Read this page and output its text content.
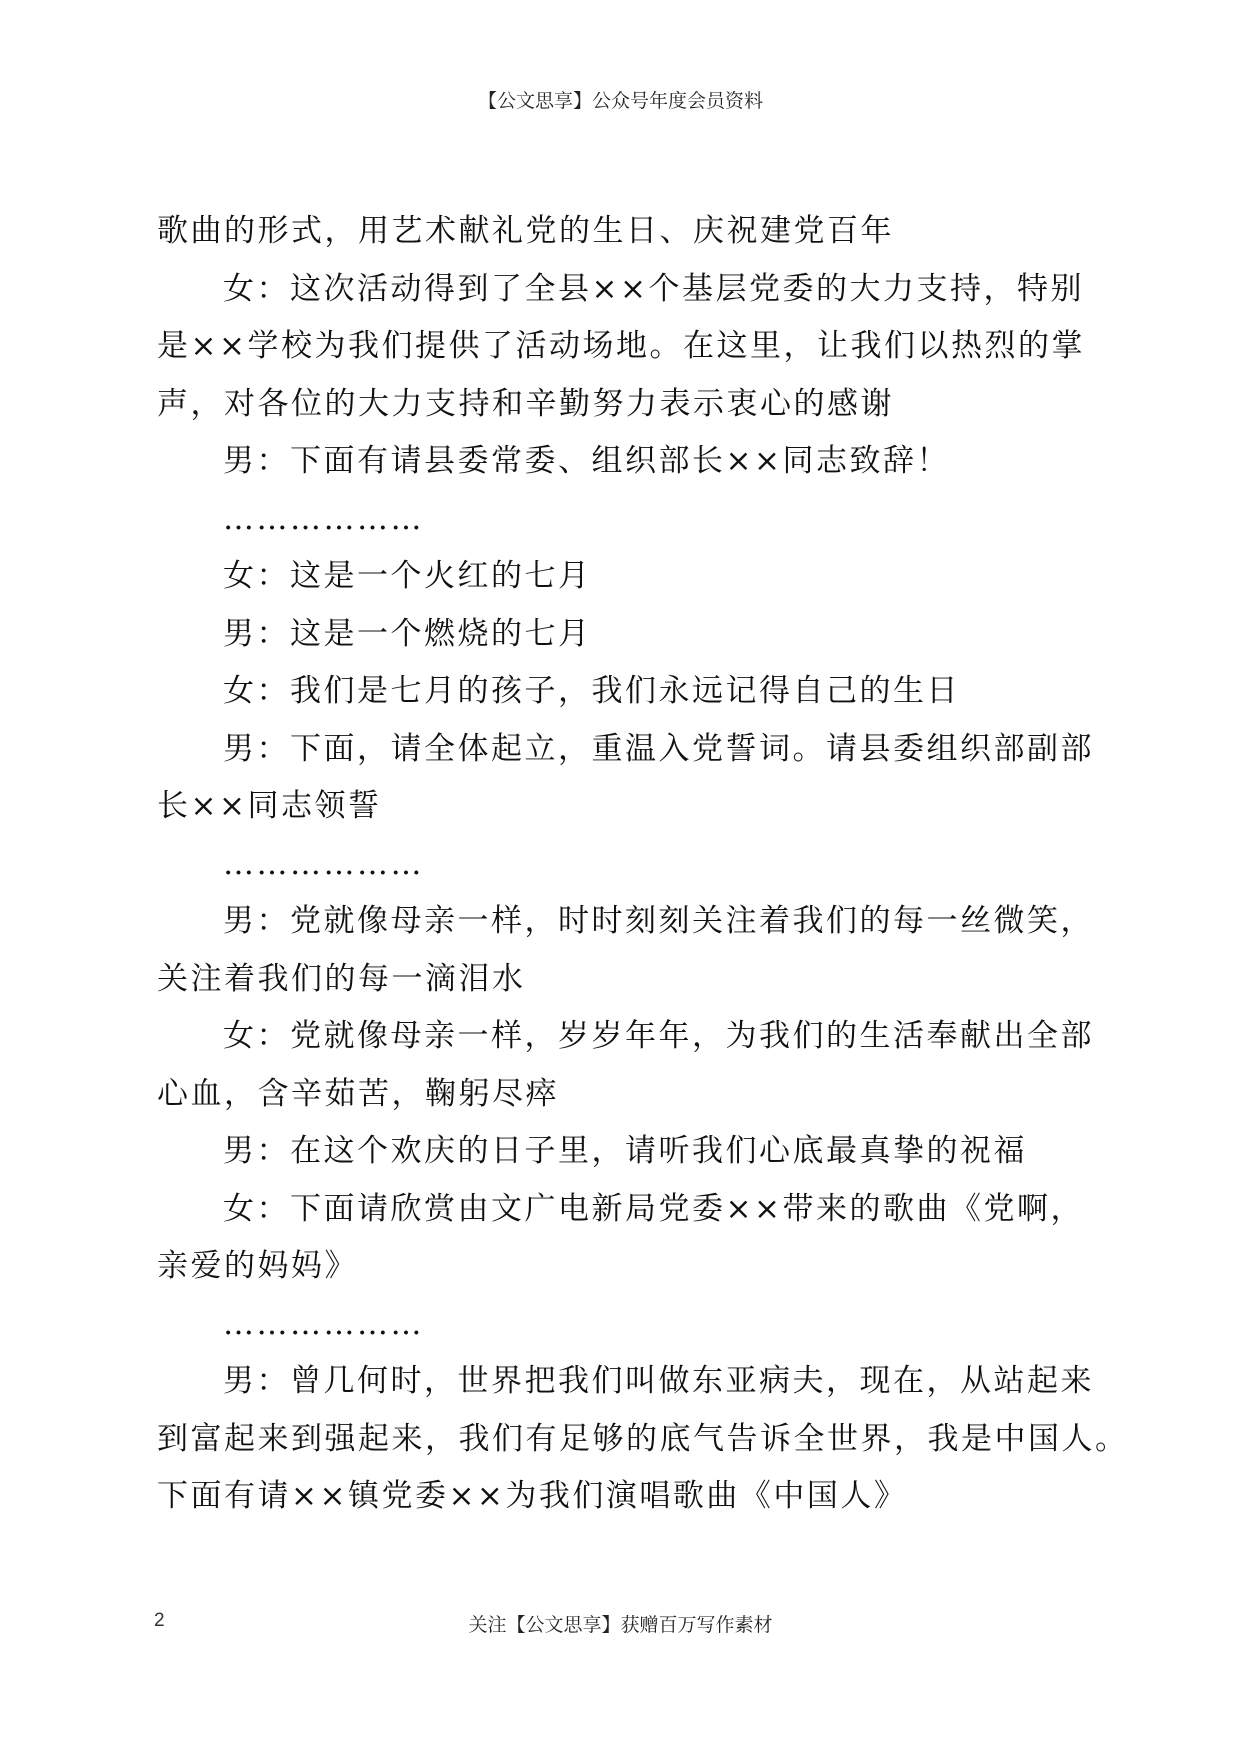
【公文思享】公众号年度会员资料

歌曲的形式，用艺术献礼党的生日、庆祝建党百年

女：这次活动得到了全县××个基层党委的大力支持，特别

是××学校为我们提供了活动场地。在这里，让我们以热烈的掌

声，对各位的大力支持和辛勤努力表示衷心的感谢

男：下面有请县委常委、组织部长××同志致辞！

………………

女：这是一个火红的七月

男：这是一个燃烧的七月

女：我们是七月的孩子，我们永远记得自己的生日

男：下面，请全体起立，重温入党誓词。请县委组织部副部

长××同志领誓

………………

男：党就像母亲一样，时时刻刻关注着我们的每一丝微笑，

关注着我们的每一滴泪水

女：党就像母亲一样，岁岁年年，为我们的生活奉献出全部

心血，含辛茹苦，鞠躬尽瘁

男：在这个欢庆的日子里，请听我们心底最真挚的祝福

女：下面请欣赏由文广电新局党委××带来的歌曲《党啊，

亲爱的妈妈》

………………

男：曾几何时，世界把我们叫做东亚病夫，现在，从站起来

到富起来到强起来，我们有足够的底气告诉全世界，我是中国人。

下面有请××镇党委××为我们演唱歌曲《中国人》

2	关注【公文思享】获赠百万写作素材
